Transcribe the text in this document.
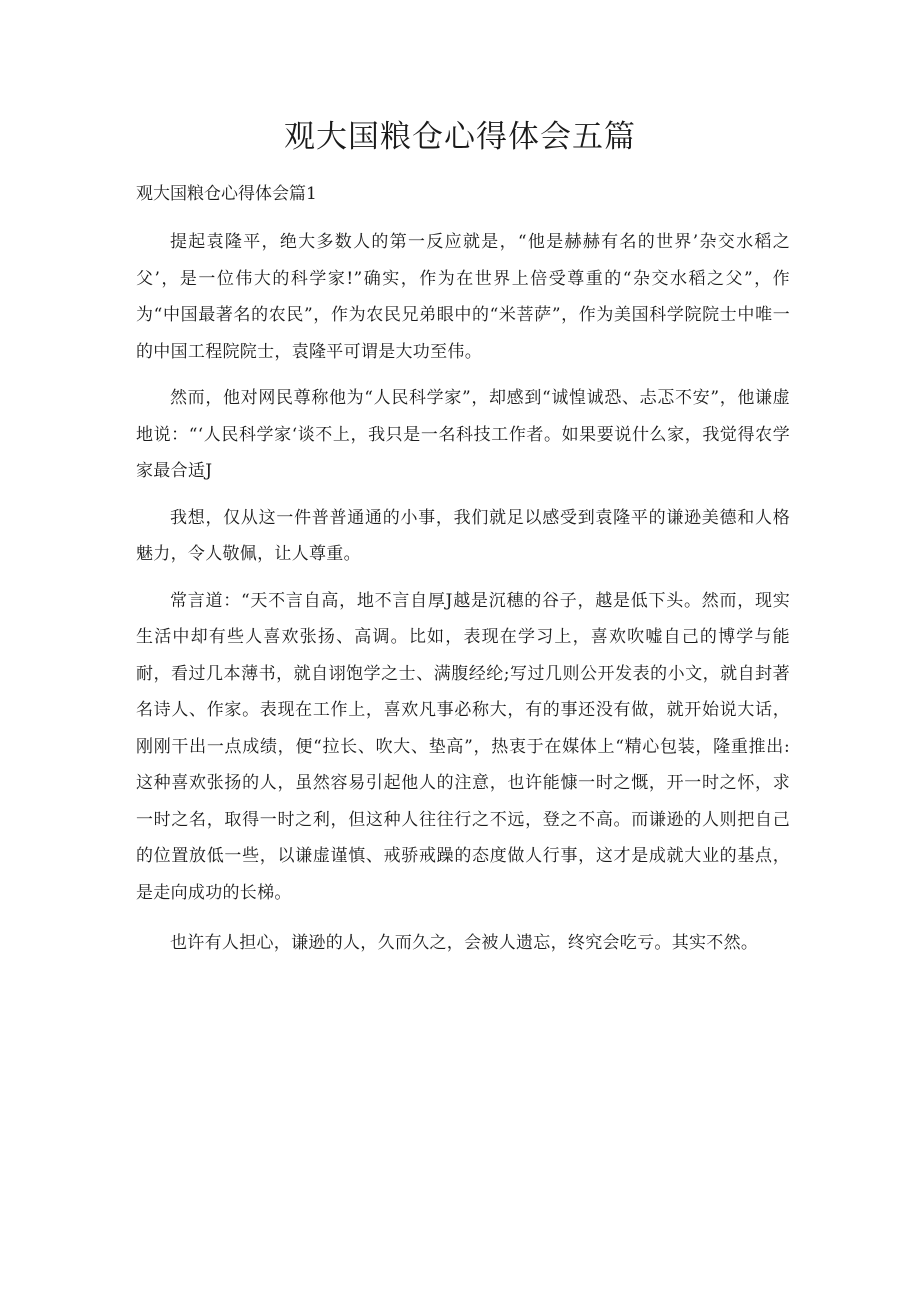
观大国粮仓心得体会五篇
观大国粮仓心得体会篇1

提起袁隆平，绝大多数人的第一反应就是，“他是赫赫有名的世界’杂交水稻之父’，是一位伟大的科学家!”确实，作为在世界上倍受尊重的“杂交水稻之父”，作为“中国最著名的农民”，作为农民兄弟眼中的“米菩萨”，作为美国科学院院士中唯一的中国工程院院士，袁隆平可谓是大功至伟。

然而，他对网民尊称他为“人民科学家”，却感到“诚惶诚恐、忐忑不安”，他谦虚地说：“‘人民科学家‘谈不上，我只是一名科技工作者。如果要说什么家，我觉得农学家最合适J

我想，仅从这一件普普通通的小事，我们就足以感受到袁隆平的谦逊美德和人格魅力，令人敬佩，让人尊重。

常言道：“天不言自高，地不言自厚J越是沉穗的谷子，越是低下头。然而，现实生活中却有些人喜欢张扬、高调。比如，表现在学习上，喜欢吹嘘自己的博学与能耐，看过几本薄书，就自诩饱学之士、满腹经纶;写过几则公开发表的小文，就自封著名诗人、作家。表现在工作上，喜欢凡事必称大，有的事还没有做，就开始说大话，刚刚干出一点成绩，便“拉长、吹大、垫高”，热衷于在媒体上“精心包装，隆重推出:这种喜欢张扬的人，虽然容易引起他人的注意，也许能慷一时之慨，开一时之怀，求一时之名，取得一时之利，但这种人往往行之不远，登之不高。而谦逊的人则把自己的位置放低一些，以谦虚谨慎、戒骄戒躁的态度做人行事，这才是成就大业的基点，是走向成功的长梯。

也许有人担心，谦逊的人，久而久之，会被人遗忘，终究会吃亏。其实不然。
